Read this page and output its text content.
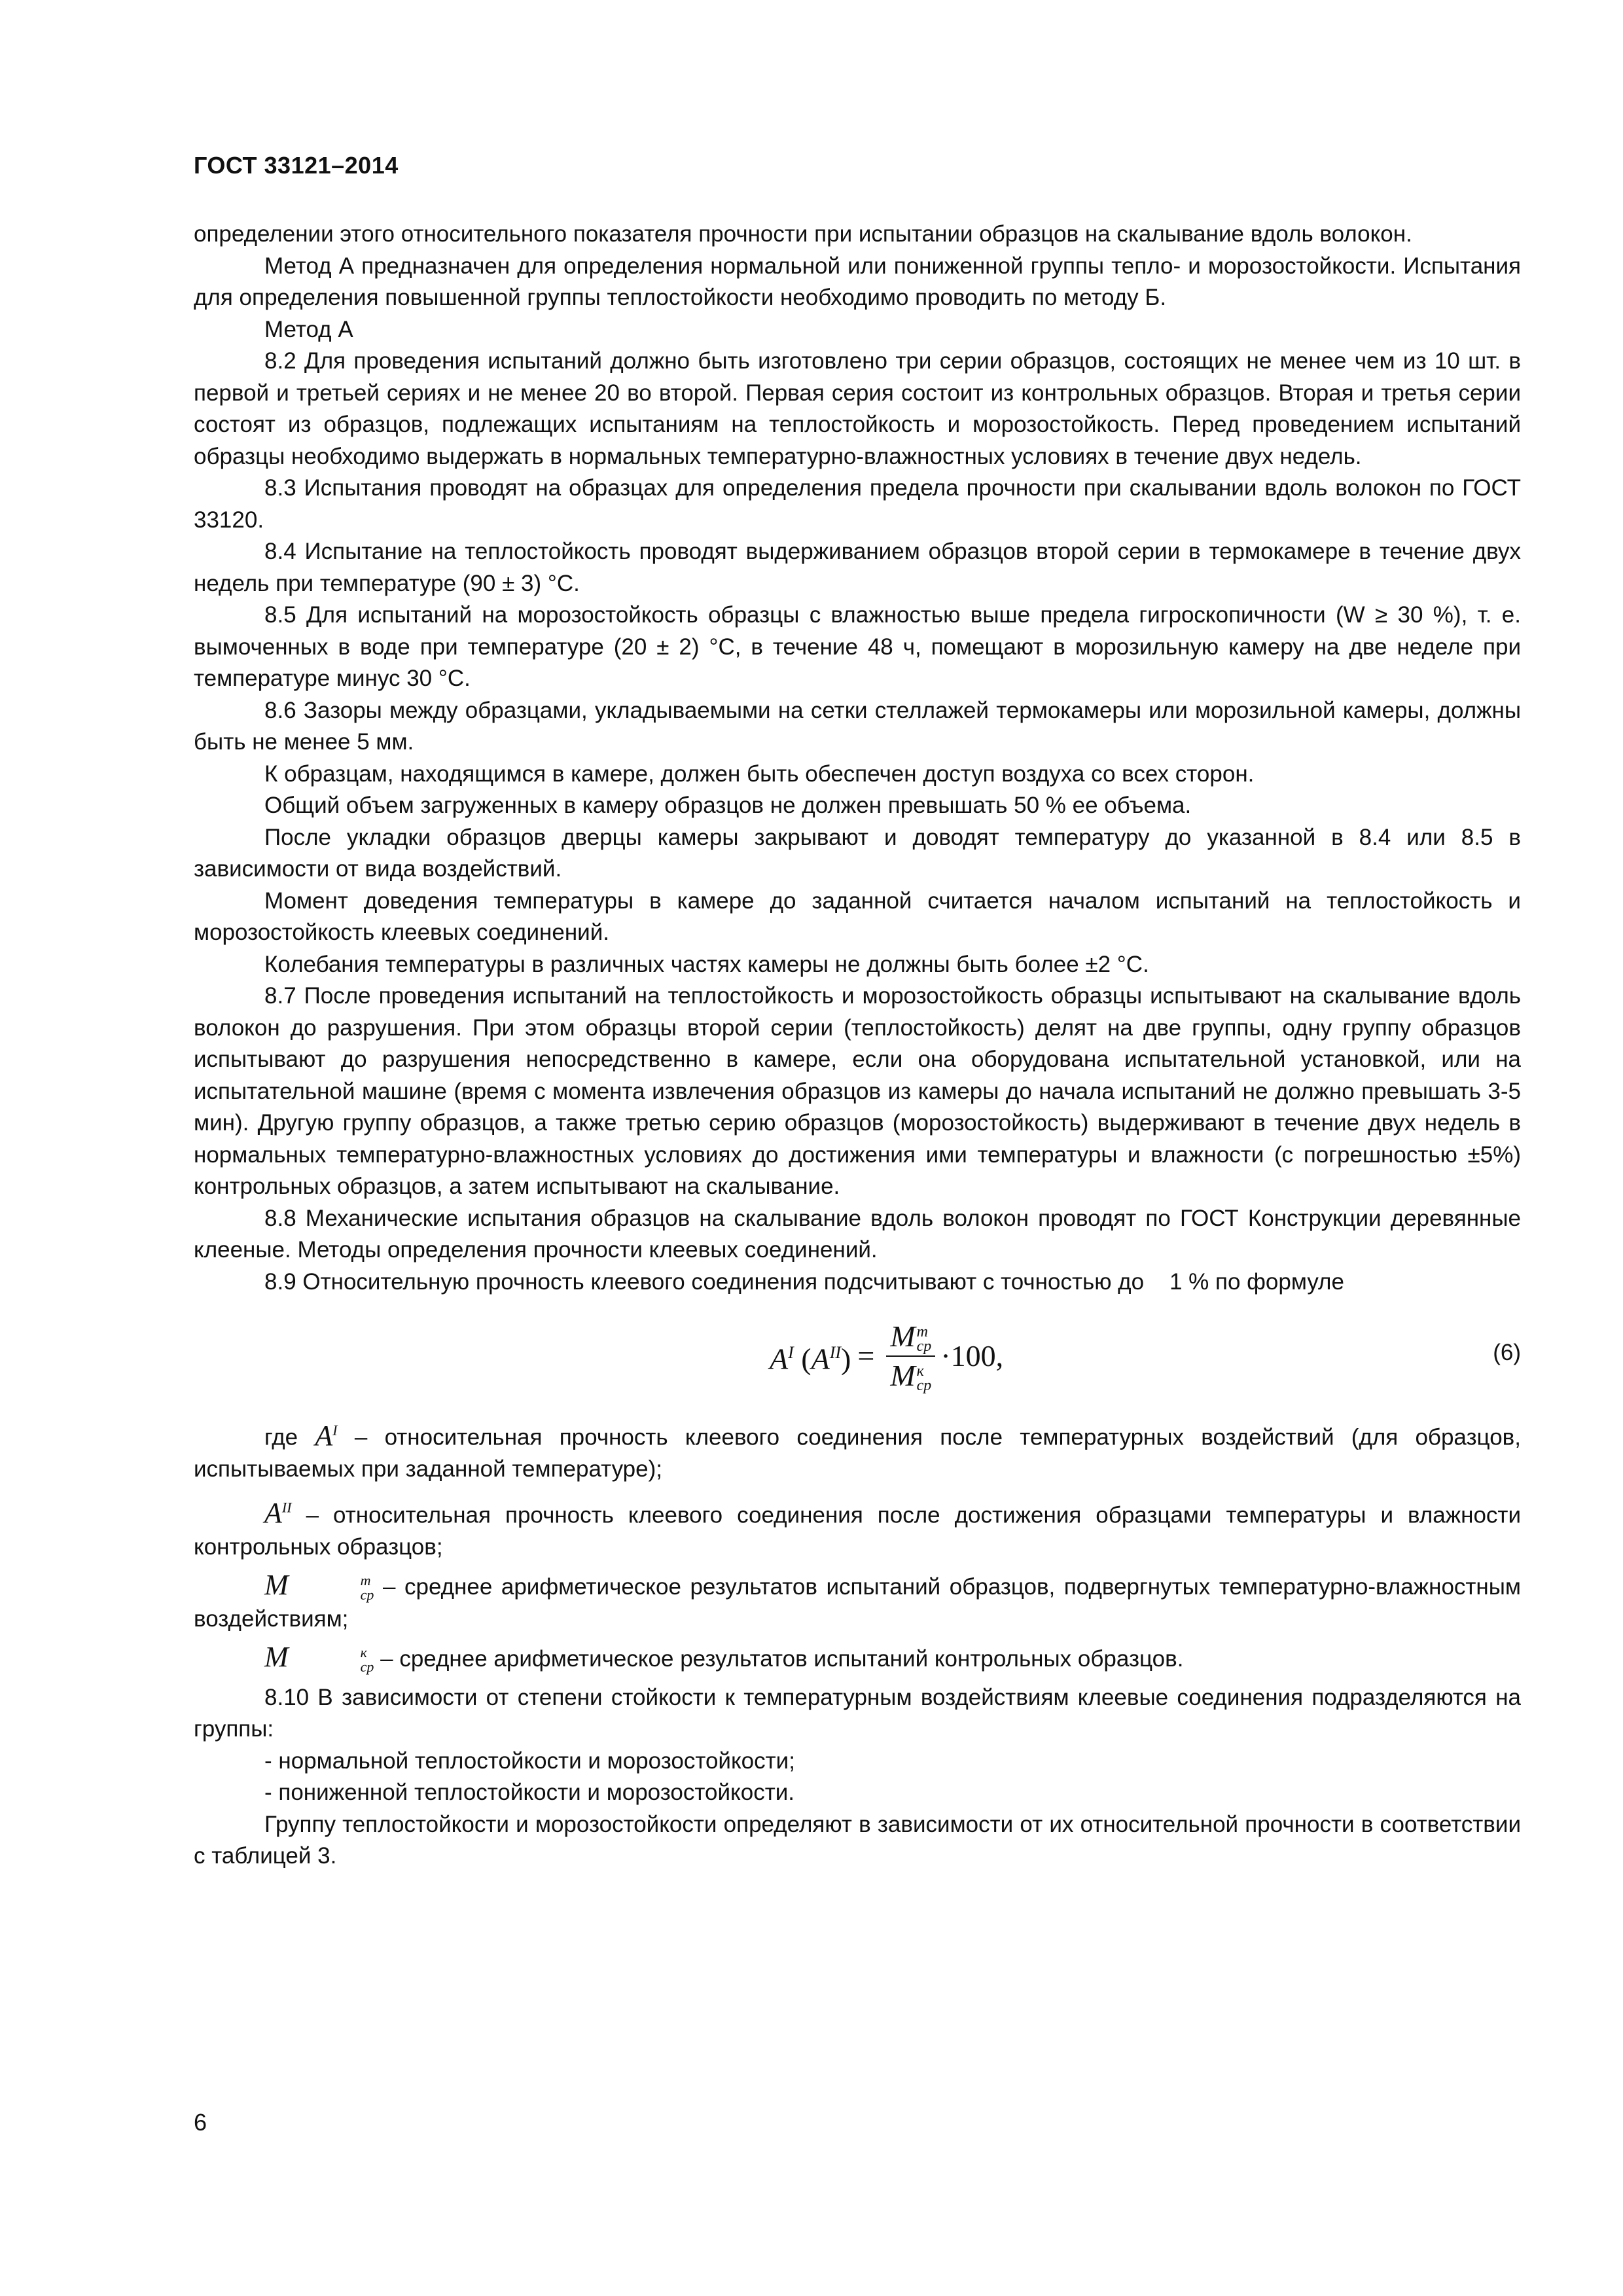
ГОСТ 33121–2014

определении этого относительного показателя прочности при испытании образцов на скалывание вдоль волокон.

Метод А предназначен для определения нормальной или пониженной группы тепло- и морозостойкости. Испытания для определения повышенной группы теплостойкости необходимо проводить по методу Б.

Метод А

8.2 Для проведения испытаний должно быть изготовлено три серии образцов, состоящих не менее чем из 10 шт. в первой и третьей сериях и не менее 20 во второй. Первая серия состоит из контрольных образцов. Вторая и третья серии состоят из образцов, подлежащих испытаниям на теплостойкость и морозостойкость. Перед проведением испытаний образцы необходимо выдержать в нормальных температурно-влажностных условиях в течение двух недель.

8.3 Испытания проводят на образцах для определения предела прочности при скалывании вдоль волокон по ГОСТ 33120.

8.4 Испытание на теплостойкость проводят выдерживанием образцов второй серии в термокамере в течение двух недель при температуре (90 ± 3) °С.

8.5 Для испытаний на морозостойкость образцы с влажностью выше предела гигроскопичности (W ≥ 30 %), т. е. вымоченных в воде при температуре (20 ± 2) °С, в течение 48 ч, помещают в морозильную камеру на две неделе при температуре минус 30 °С.

8.6 Зазоры между образцами, укладываемыми на сетки стеллажей термокамеры или морозильной камеры, должны быть не менее 5 мм.

К образцам, находящимся в камере, должен быть обеспечен доступ воздуха со всех сторон.

Общий объем загруженных в камеру образцов не должен превышать 50 % ее объема.

После укладки образцов дверцы камеры закрывают и доводят температуру до указанной в 8.4 или 8.5 в зависимости от вида воздействий.

Момент доведения температуры в камере до заданной считается началом испытаний на теплостойкость и морозостойкость клеевых соединений.

Колебания температуры в различных частях камеры не должны быть более ±2 °С.

8.7 После проведения испытаний на теплостойкость и морозостойкость образцы испытывают на скалывание вдоль волокон до разрушения. При этом образцы второй серии (теплостойкость) делят на две группы, одну группу образцов испытывают до разрушения непосредственно в камере, если она оборудована испытательной установкой, или на испытательной машине (время с момента извлечения образцов из камеры до начала испытаний не должно превышать 3-5 мин). Другую группу образцов, а также третью серию образцов (морозостойкость) выдерживают в течение двух недель в нормальных температурно-влажностных условиях до достижения ими температуры и влажности (с погрешностью ±5%) контрольных образцов, а затем испытывают на скалывание.

8.8 Механические испытания образцов на скалывание вдоль волокон проводят по ГОСТ Конструкции деревянные клееные. Методы определения прочности клеевых соединений.

8.9 Относительную прочность клеевого соединения подсчитывают с точностью до    1 % по формуле

$A^I$ $(A^{II}) = M$ m
ср
M к
ср ·100 ,	(6)

где $A^I$ – относительная прочность клеевого соединения после температурных воздействий (для образцов, испытываемых при заданной температуре);

$A^{II}$ – относительная прочность клеевого соединения после достижения образцами температуры и влажности контрольных образцов;

M	m
ср – среднее арифметическое результатов испытаний образцов, подвергнутых температурно-влажностным воздействиям;

M	к
ср – среднее арифметическое результатов испытаний контрольных образцов.

8.10 В зависимости от степени стойкости к температурным воздействиям клеевые соединения подразделяются на группы:

- нормальной теплостойкости и морозостойкости;

- пониженной теплостойкости и морозостойкости.

Группу теплостойкости и морозостойкости определяют в зависимости от их относительной прочности в соответствии с таблицей 3.

6
